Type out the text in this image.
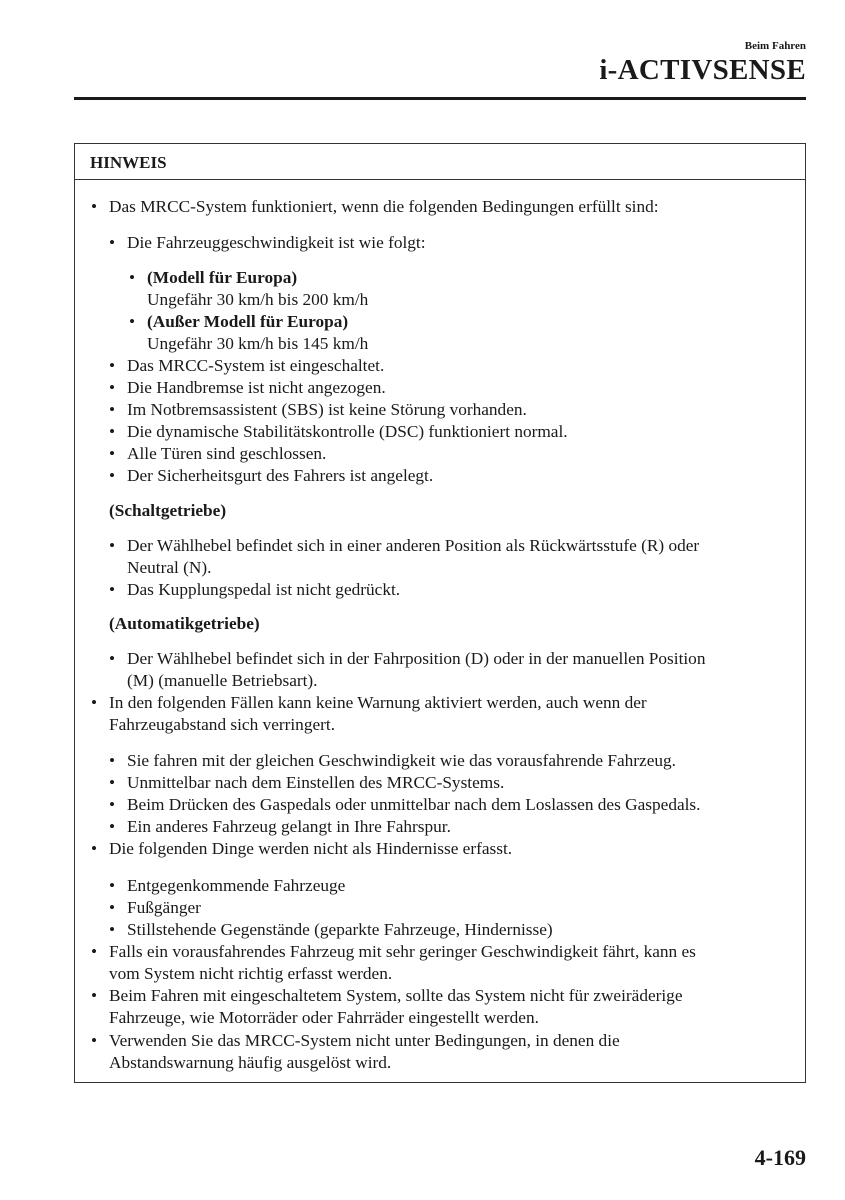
Beim Fahren
i-ACTIVSENSE
HINWEIS
• Das MRCC-System funktioniert, wenn die folgenden Bedingungen erfüllt sind:
• Die Fahrzeuggeschwindigkeit ist wie folgt:
• (Modell für Europa)
Ungefähr 30 km/h bis 200 km/h
• (Außer Modell für Europa)
Ungefähr 30 km/h bis 145 km/h
• Das MRCC-System ist eingeschaltet.
• Die Handbremse ist nicht angezogen.
• Im Notbremsassistent (SBS) ist keine Störung vorhanden.
• Die dynamische Stabilitätskontrolle (DSC) funktioniert normal.
• Alle Türen sind geschlossen.
• Der Sicherheitsgurt des Fahrers ist angelegt.
(Schaltgetriebe)
• Der Wählhebel befindet sich in einer anderen Position als Rückwärtsstufe (R) oder
Neutral (N).
• Das Kupplungspedal ist nicht gedrückt.
(Automatikgetriebe)
• Der Wählhebel befindet sich in der Fahrposition (D) oder in der manuellen Position
(M) (manuelle Betriebsart).
• In den folgenden Fällen kann keine Warnung aktiviert werden, auch wenn der
Fahrzeugabstand sich verringert.
• Sie fahren mit der gleichen Geschwindigkeit wie das vorausfahrende Fahrzeug.
• Unmittelbar nach dem Einstellen des MRCC-Systems.
• Beim Drücken des Gaspedals oder unmittelbar nach dem Loslassen des Gaspedals.
• Ein anderes Fahrzeug gelangt in Ihre Fahrspur.
• Die folgenden Dinge werden nicht als Hindernisse erfasst.
• Entgegenkommende Fahrzeuge
• Fußgänger
• Stillstehende Gegenstände (geparkte Fahrzeuge, Hindernisse)
• Falls ein vorausfahrendes Fahrzeug mit sehr geringer Geschwindigkeit fährt, kann es
vom System nicht richtig erfasst werden.
• Beim Fahren mit eingeschaltetem System, sollte das System nicht für zweiräderige
Fahrzeuge, wie Motorräder oder Fahrräder eingestellt werden.
• Verwenden Sie das MRCC-System nicht unter Bedingungen, in denen die
Abstandswarnung häufig ausgelöst wird.
4-169
